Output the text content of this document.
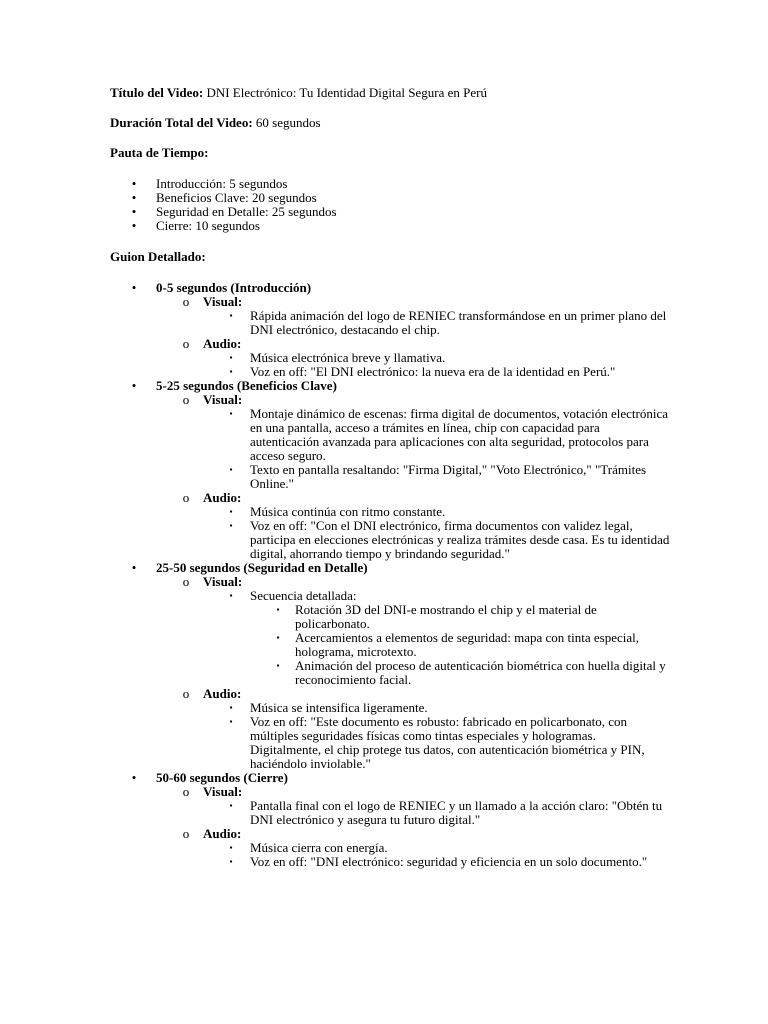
Título del Video: DNI Electrónico: Tu Identidad Digital Segura en Perú

Duración Total del Video: 60 segundos

Pauta de Tiempo:

• Introducción: 5 segundos
• Beneficios Clave: 20 segundos
• Seguridad en Detalle: 25 segundos
• Cierre: 10 segundos

Guion Detallado:

• 0-5 segundos (Introducción)
o Visual:
▪ Rápida animación del logo de RENIEC transformándose en un primer plano del DNI electrónico, destacando el chip.
o Audio:
▪ Música electrónica breve y llamativa.
▪ Voz en off: "El DNI electrónico: la nueva era de la identidad en Perú."
• 5-25 segundos (Beneficios Clave)
o Visual:
▪ Montaje dinámico de escenas: firma digital de documentos, votación electrónica en una pantalla, acceso a trámites en línea, chip con capacidad para autenticación avanzada para aplicaciones con alta seguridad, protocolos para acceso seguro.
▪ Texto en pantalla resaltando: "Firma Digital," "Voto Electrónico," "Trámites Online."
o Audio:
▪ Música continúa con ritmo constante.
▪ Voz en off: "Con el DNI electrónico, firma documentos con validez legal, participa en elecciones electrónicas y realiza trámites desde casa. Es tu identidad digital, ahorrando tiempo y brindando seguridad."
• 25-50 segundos (Seguridad en Detalle)
o Visual:
▪ Secuencia detallada:
▪ Rotación 3D del DNI-e mostrando el chip y el material de policarbonato.
▪ Acercamientos a elementos de seguridad: mapa con tinta especial, holograma, microtexto.
▪ Animación del proceso de autenticación biométrica con huella digital y reconocimiento facial.
o Audio:
▪ Música se intensifica ligeramente.
▪ Voz en off: "Este documento es robusto: fabricado en policarbonato, con múltiples seguridades físicas como tintas especiales y hologramas. Digitalmente, el chip protege tus datos, con autenticación biométrica y PIN, haciéndolo inviolable."
• 50-60 segundos (Cierre)
o Visual:
▪ Pantalla final con el logo de RENIEC y un llamado a la acción claro: "Obtén tu DNI electrónico y asegura tu futuro digital."
o Audio:
▪ Música cierra con energía.
▪ Voz en off: "DNI electrónico: seguridad y eficiencia en un solo documento."
